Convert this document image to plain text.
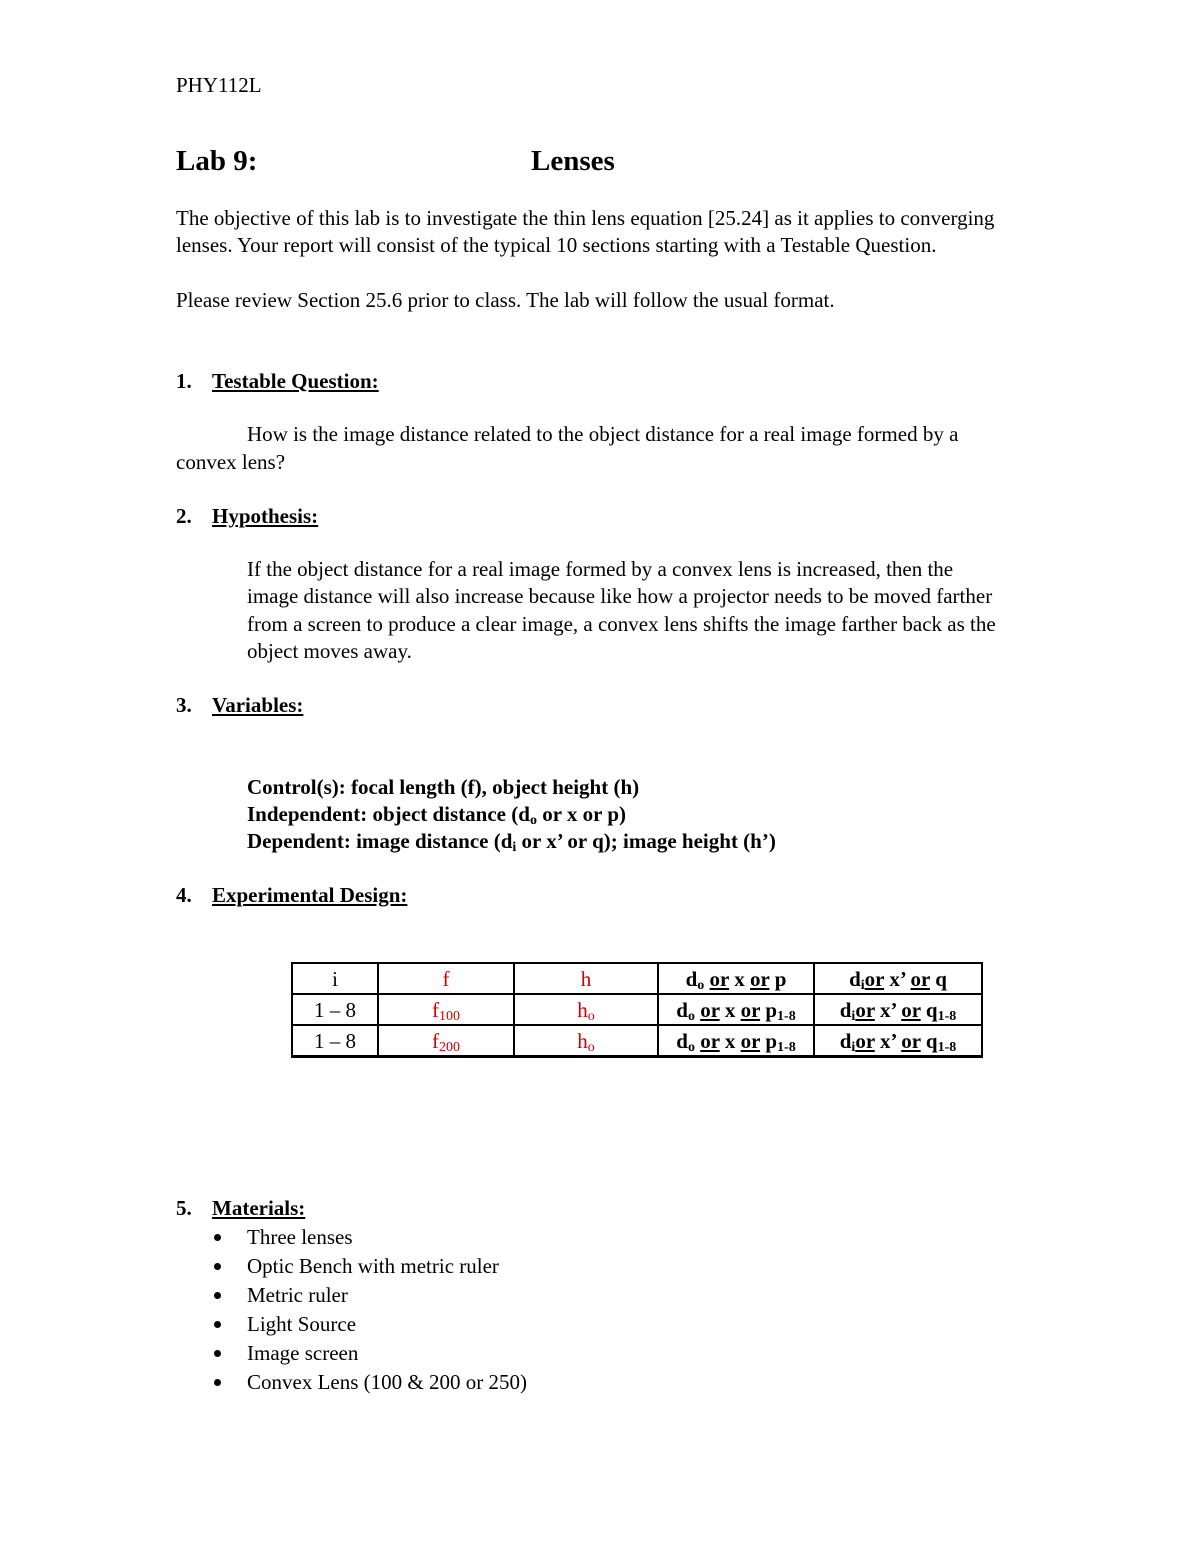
PHY112L
Lab 9:	Lenses
The objective of this lab is to investigate the thin lens equation [25.24] as it applies to converging
lenses. Your report will consist of the typical 10 sections starting with a Testable Question.
Please review Section 25.6 prior to class. The lab will follow the usual format.
1. Testable Question:
How is the image distance related to the object distance for a real image formed by a
convex lens?
2. Hypothesis:
If the object distance for a real image formed by a convex lens is increased, then the
image distance will also increase because like how a projector needs to be moved farther
from a screen to produce a clear image, a convex lens shifts the image farther back as the
object moves away.
3. Variables:
Control(s): focal length (f), object height (h)
Independent: object distance ($d_o$ or x or p)
Dependent: image distance ($d_i$ or x’ or q); image height (h’)
4. Experimental Design:
i	f	h	$d_o$ or x or p	$d_ior$ x’ or q
1 – 8	$f_{100}$	$h_o$	$d_o$ or x or $p_{1-8}$	$d_ior$ x’ or $q_{1-8}$
1 – 8	$f_{200}$	$h_o$	$d_o$ or x or $p_{1-8}$	$d_ior$ x’ or $q_{1-8}$
5. Materials:
Three lenses
Optic Bench with metric ruler
Metric ruler
Light Source
Image screen
Convex Lens (100 & 200 or 250)
